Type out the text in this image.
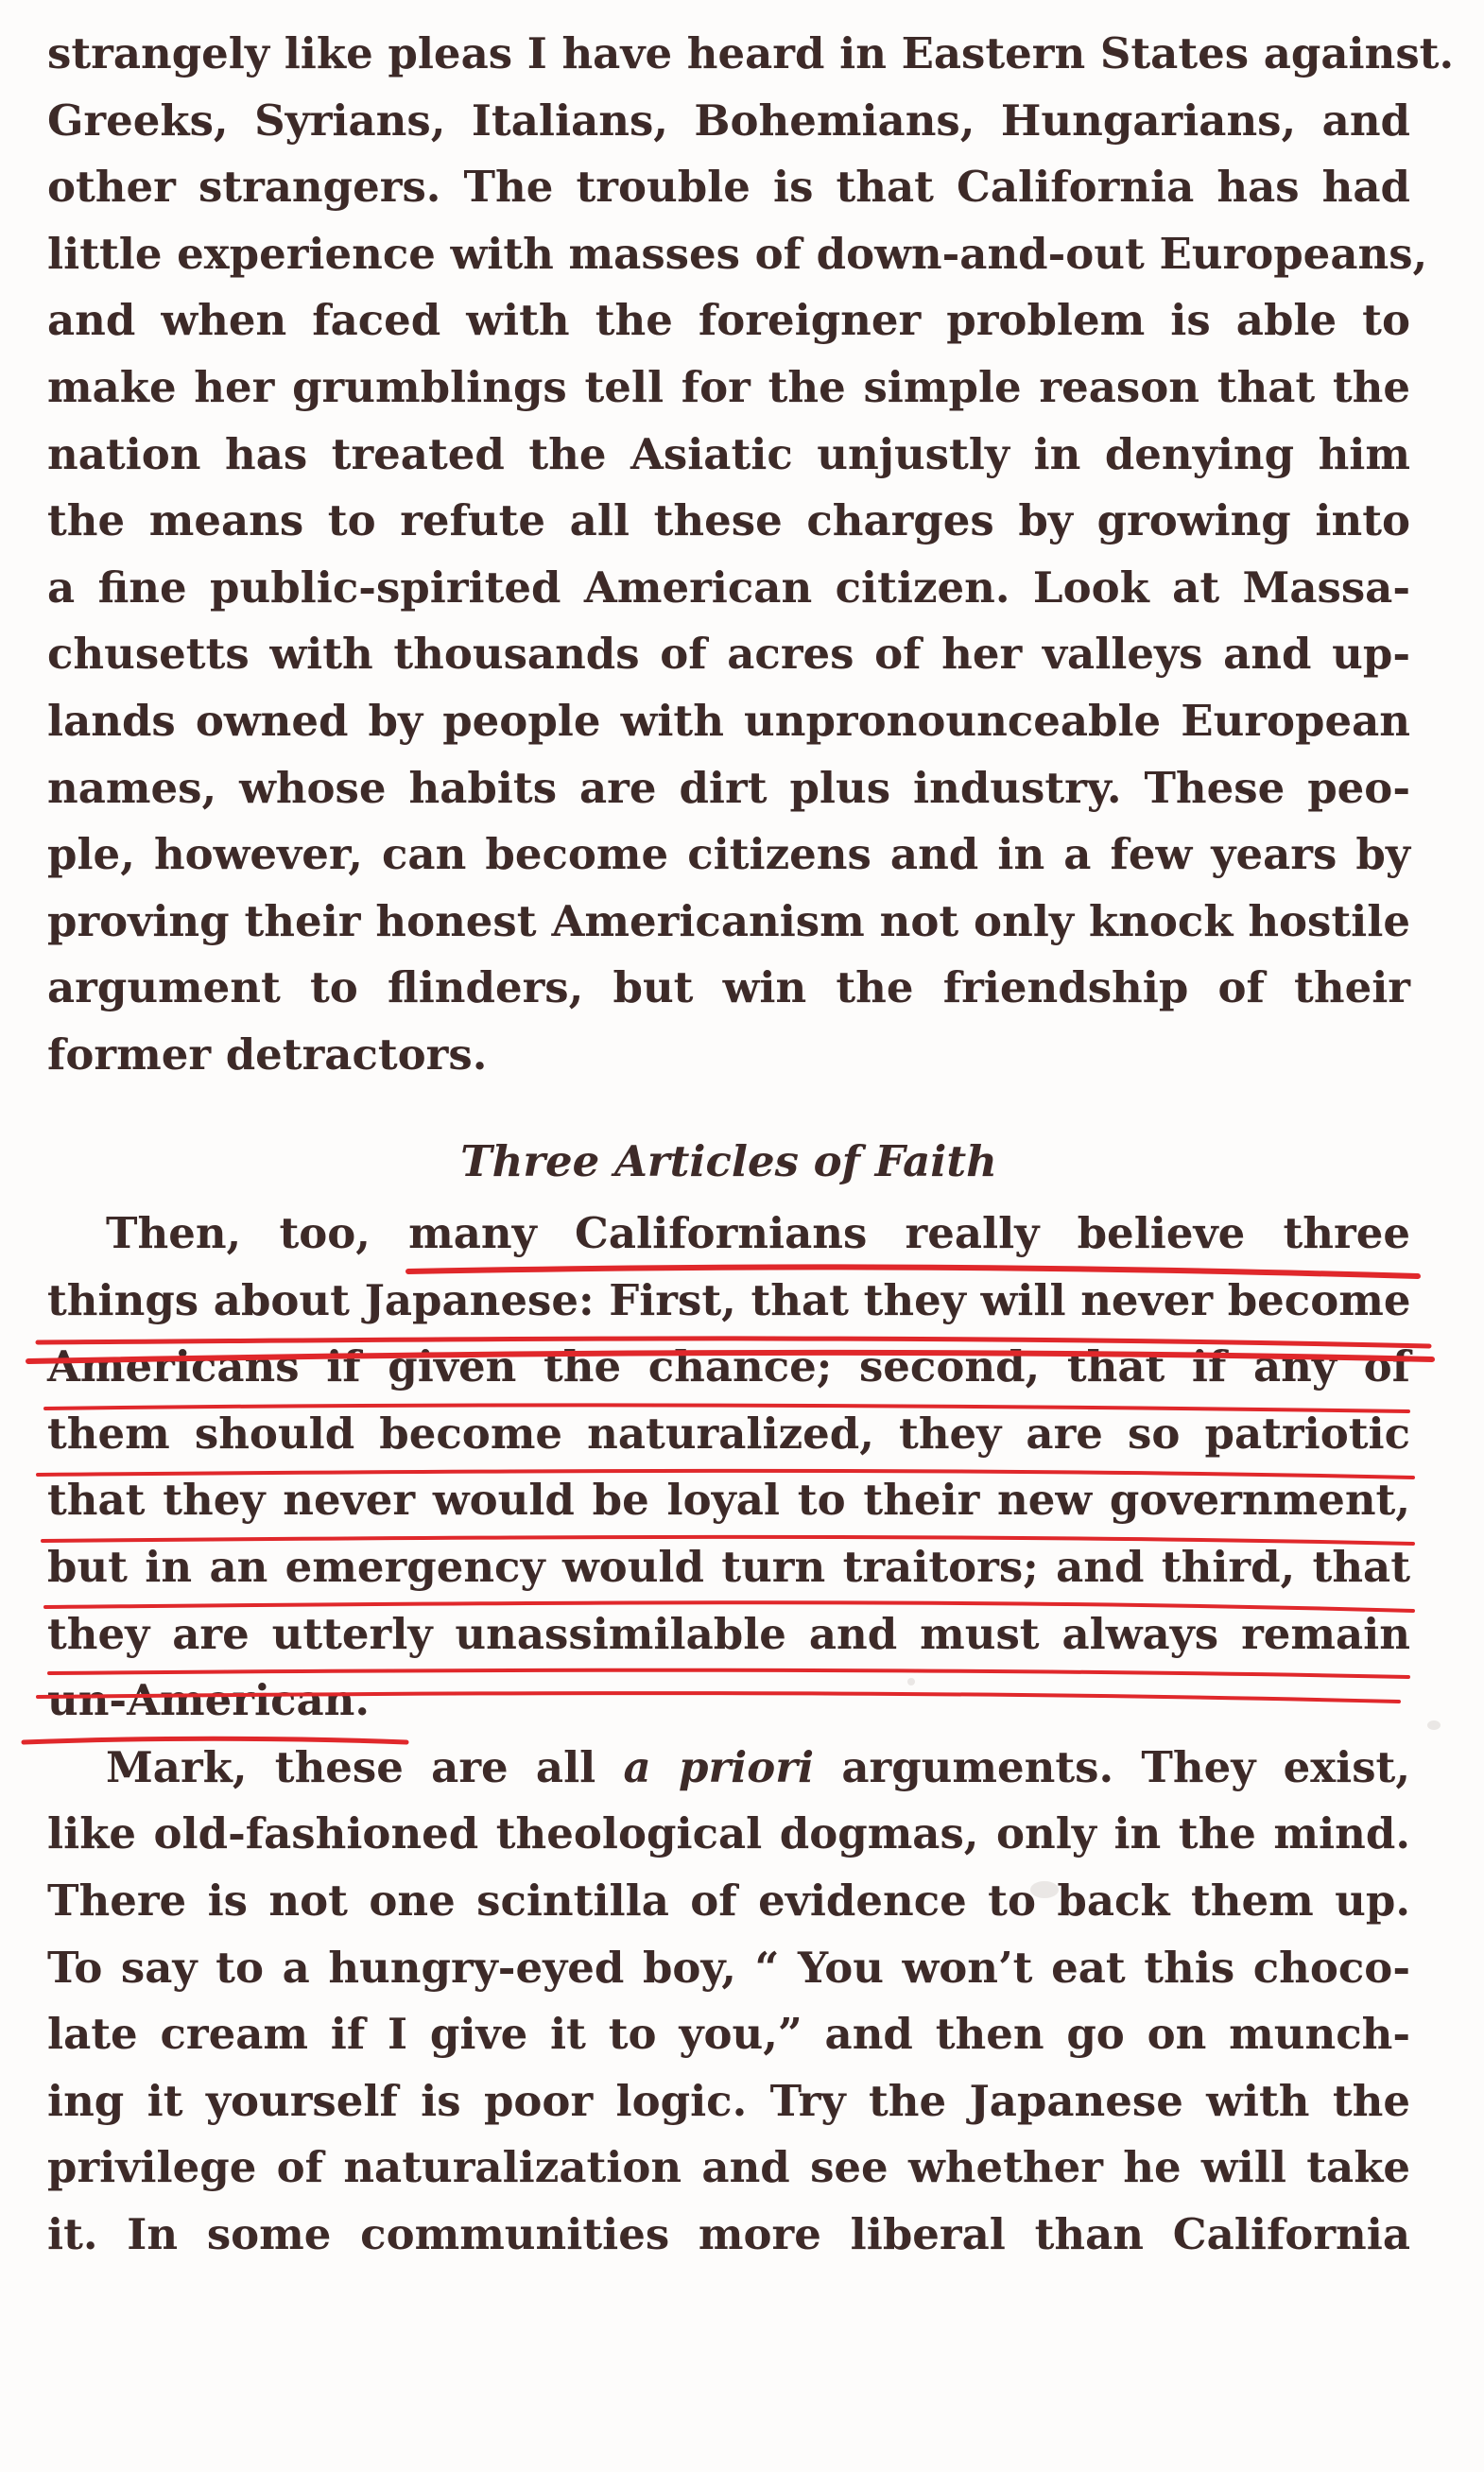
strangely like pleas I have heard in Eastern States against.
Greeks, Syrians, Italians, Bohemians, Hungarians, and
other strangers. The trouble is that California has had
little experience with masses of down-and-out Europeans,
and when faced with the foreigner problem is able to
make her grumblings tell for the simple reason that the
nation has treated the Asiatic unjustly in denying him
the means to refute all these charges by growing into
a fine public-spirited American citizen. Look at Massa-
chusetts with thousands of acres of her valleys and up-
lands owned by people with unpronounceable European
names, whose habits are dirt plus industry. These peo-
ple, however, can become citizens and in a few years by
proving their honest Americanism not only knock hostile
argument to flinders, but win the friendship of their
former detractors.
Three Articles of Faith
Then, too, many Californians really believe three
things about Japanese: First, that they will never become
Americans if given the chance; second, that if any of
them should become naturalized, they are so patriotic
that they never would be loyal to their new government,
but in an emergency would turn traitors; and third, that
they are utterly unassimilable and must always remain
un-American.
Mark, these are all a priori arguments. They exist,
like old-fashioned theological dogmas, only in the mind.
There is not one scintilla of evidence to back them up.
To say to a hungry-eyed boy, “ You won’t eat this choco-
late cream if I give it to you,” and then go on munch-
ing it yourself is poor logic. Try the Japanese with the
privilege of naturalization and see whether he will take
it. In some communities more liberal than California
